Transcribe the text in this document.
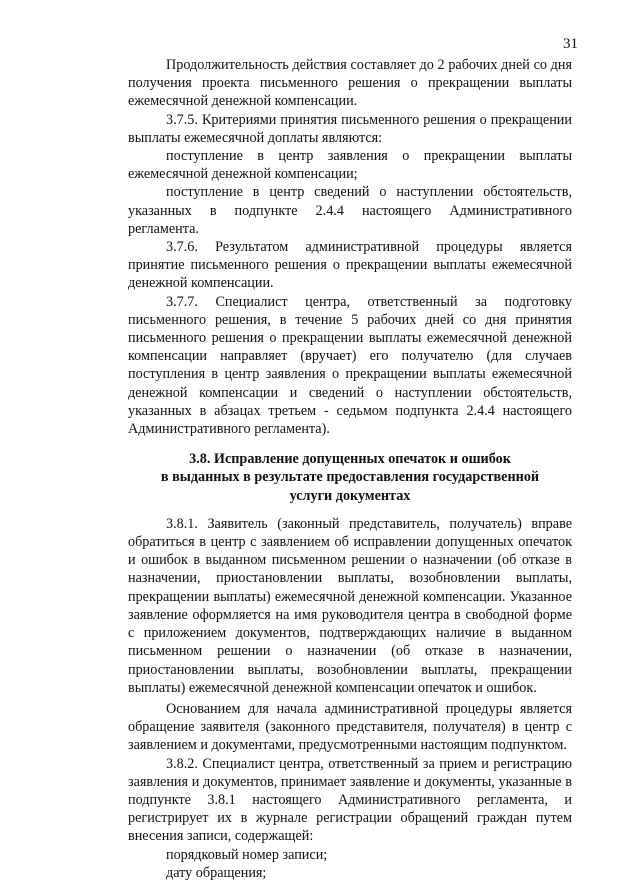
31

Продолжительность действия составляет до 2 рабочих дней со дня получения проекта письменного решения о прекращении выплаты ежемесячной денежной компенсации.

3.7.5. Критериями принятия письменного решения о прекращении выплаты ежемесячной доплаты являются:

поступление в центр заявления о прекращении выплаты ежемесячной денежной компенсации;

поступление в центр сведений о наступлении обстоятельств, указанных в подпункте 2.4.4 настоящего Административного регламента.

3.7.6. Результатом административной процедуры является принятие письменного решения о прекращении выплаты ежемесячной денежной компенсации.

3.7.7. Специалист центра, ответственный за подготовку письменного решения, в течение 5 рабочих дней со дня принятия письменного решения о прекращении выплаты ежемесячной денежной компенсации направляет (вручает) его получателю (для случаев поступления в центр заявления о прекращении выплаты ежемесячной денежной компенсации и сведений о наступлении обстоятельств, указанных в абзацах третьем - седьмом подпункта 2.4.4 настоящего Административного регламента).

3.8. Исправление допущенных опечаток и ошибок
в выданных в результате предоставления государственной
услуги документах

3.8.1. Заявитель (законный представитель, получатель) вправе обратиться в центр с заявлением об исправлении допущенных опечаток и ошибок в выданном письменном решении о назначении (об отказе в назначении, приостановлении выплаты, возобновлении выплаты, прекращении выплаты) ежемесячной денежной компенсации. Указанное заявление оформляется на имя руководителя центра в свободной форме с приложением документов, подтверждающих наличие в выданном письменном решении о назначении (об отказе в назначении, приостановлении выплаты, возобновлении выплаты, прекращении выплаты) ежемесячной денежной компенсации опечаток и ошибок.

Основанием для начала административной процедуры является обращение заявителя (законного представителя, получателя) в центр с заявлением и документами, предусмотренными настоящим подпунктом.

3.8.2. Специалист центра, ответственный за прием и регистрацию заявления и документов, принимает заявление и документы, указанные в подпункте 3.8.1 настоящего Административного регламента, и регистрирует их в журнале регистрации обращений граждан путем внесения записи, содержащей:

порядковый номер записи;

дату обращения;
